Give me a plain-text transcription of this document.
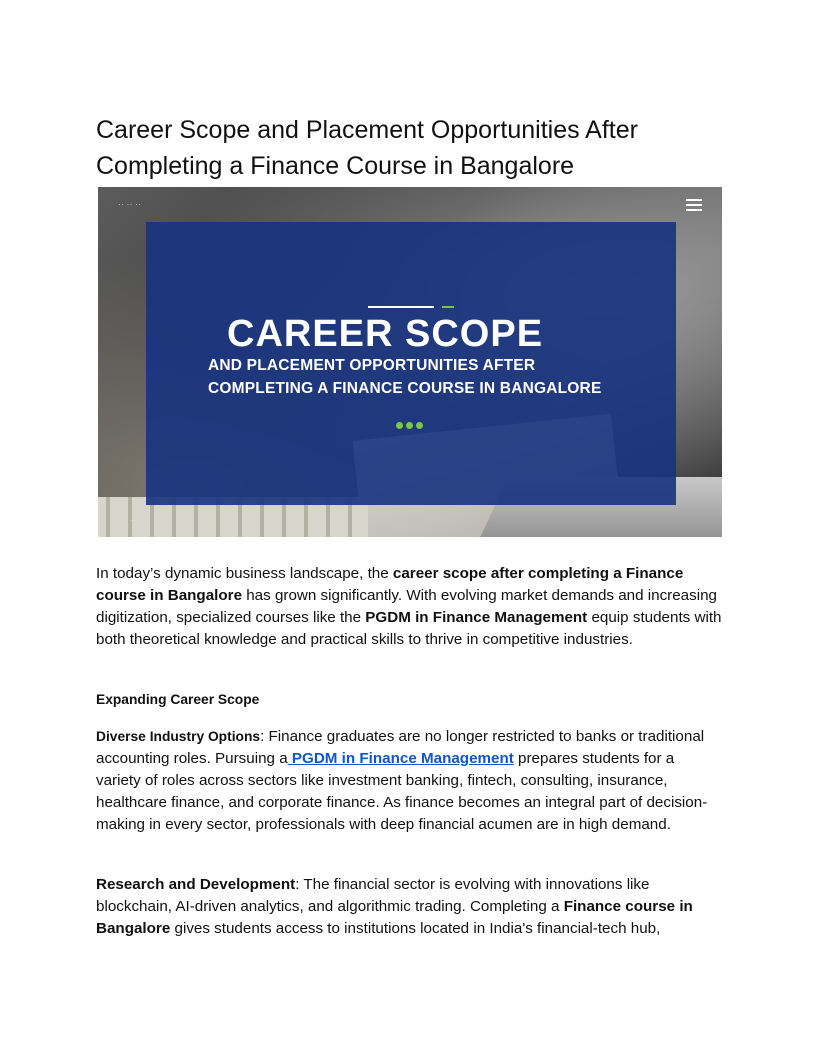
Career Scope and Placement Opportunities After Completing a Finance Course in Bangalore
·· ·· ··
··· ··
CAREER SCOPE
AND PLACEMENT OPPORTUNITIES AFTER
COMPLETING A FINANCE COURSE IN BANGALORE

In today’s dynamic business landscape, the career scope after completing a Finance course in Bangalore has grown significantly. With evolving market demands and increasing digitization, specialized courses like the PGDM in Finance Management equip students with both theoretical knowledge and practical skills to thrive in competitive industries.

Expanding Career Scope

Diverse Industry Options: Finance graduates are no longer restricted to banks or traditional accounting roles. Pursuing a PGDM in Finance Management prepares students for a variety of roles across sectors like investment banking, fintech, consulting, insurance, healthcare finance, and corporate finance. As finance becomes an integral part of decision-making in every sector, professionals with deep financial acumen are in high demand.

Research and Development: The financial sector is evolving with innovations like blockchain, AI-driven analytics, and algorithmic trading. Completing a Finance course in Bangalore gives students access to institutions located in India's financial-tech hub,
